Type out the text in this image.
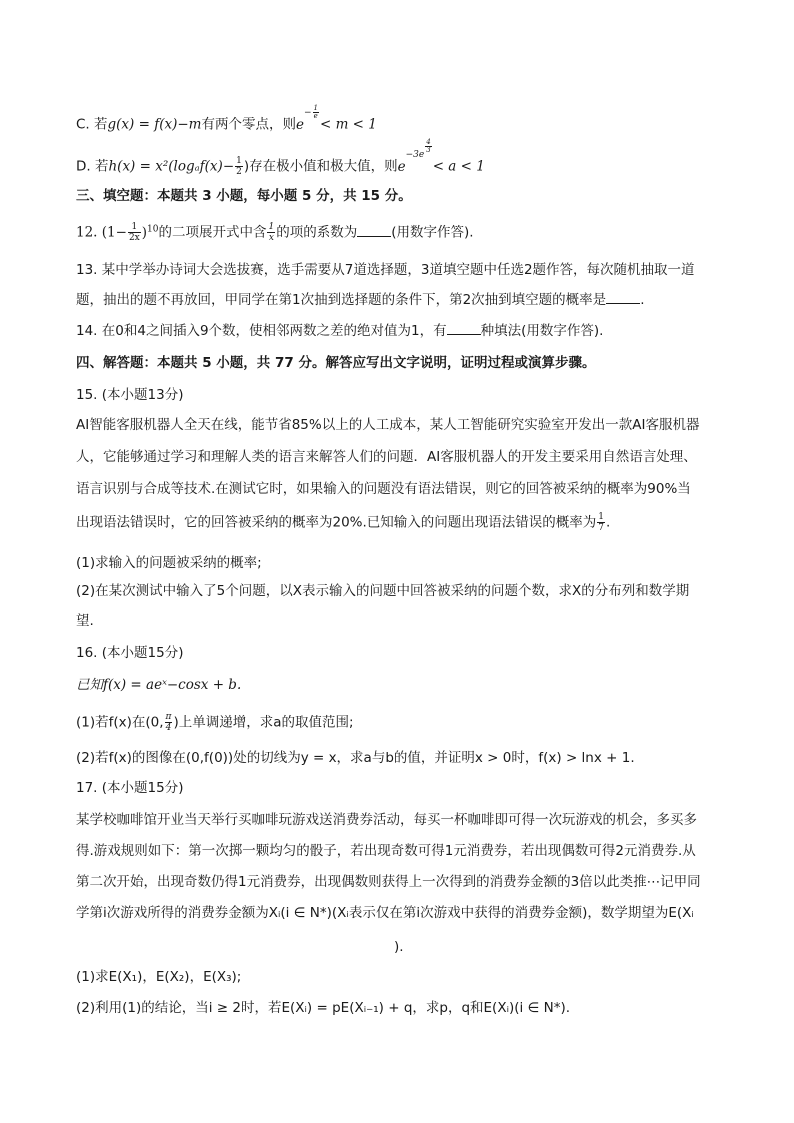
C. 若g(x) = f(x)−m有两个零点，则$e^{- \frac{1}{e}}$
< m < 1
D. 若$h(x) = x^2(\log_af(x)- \frac{1}{2}$ )存在极小值和极大值，则$e^{-3e ^{\frac{4}{3}}}$
< a < 1
三、填空题：本题共 3 小题，每小题 5 分，共 15 分。
12. $(1- \frac{1}{2x} )^{10}$的二项展开式中含 $\frac{1}{x}$ 的项的系数为	(用数字作答).
13. 某中学举办诗词大会选拔赛，选手需要从7道选择题，3道填空题中任选2题作答，每次随机抽取一道
题，抽出的题不再放回，甲同学在第1次抽到选择题的条件下，第2次抽到填空题的概率是	.
14. 在0和4之间插入9个数，使相邻两数之差的绝对值为1，有	种填法(用数字作答).
四、解答题：本题共 5 小题，共 77 分。解答应写出文字说明，证明过程或演算步骤。
15. (本小题13分)
AI智能客服机器人全天在线，能节省85%以上的人工成本，某人工智能研究实验室开发出一款AI客服机器
人，它能够通过学习和理解人类的语言来解答人们的问题．AI客服机器人的开发主要采用自然语言处理、
语言识别与合成等技术.在测试它时，如果输入的问题没有语法错误，则它的回答被采纳的概率为90%当
出现语法错误时，它的回答被采纳的概率为20%.已知输入的问题出现语法错误的概率为 $\frac{1}{7}$ .
(1)求输入的问题被采纳的概率;
(2)在某次测试中输入了5个问题，以X表示输入的问题中回答被采纳的问题个数，求X的分布列和数学期
望.
16. (本小题15分)
已知f(x) = aeˣ−cosx + b.
(1)若f(x)在(0, $\frac{\pi}{4}$ )上单调递增，求a的取值范围;
(2)若f(x)的图像在(0,f(0))处的切线为y = x，求a与b的值，并证明x > 0时，f(x) > lnx + 1.
17. (本小题15分)
某学校咖啡馆开业当天举行买咖啡玩游戏送消费券活动，每买一杯咖啡即可得一次玩游戏的机会，多买多
得.游戏规则如下：第一次掷一颗均匀的骰子，若出现奇数可得1元消费券，若出现偶数可得2元消费券.从
第二次开始，出现奇数仍得1元消费券，出现偶数则获得上一次得到的消费券金额的3倍以此类推⋯记甲同
学第i次游戏所得的消费券金额为Xᵢ(i ∈ N*)(Xᵢ表示仅在第i次游戏中获得的消费券金额)，数学期望为E(Xᵢ
).
(1)求E(X₁)，E(X₂)，E(X₃);
(2)利用(1)的结论，当i ≥ 2时，若E(Xᵢ) = pE(Xᵢ₋₁) + q，求p，q和E(Xᵢ)(i ∈ N*).
